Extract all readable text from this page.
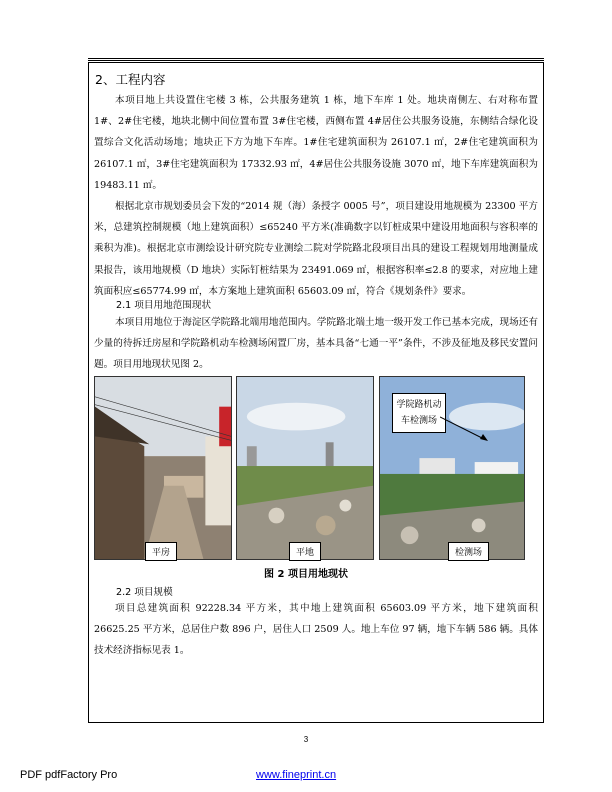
2、工程内容

本项目地上共设置住宅楼 3 栋，公共服务建筑 1 栋，地下车库 1 处。地块南侧左、右对称布置 1#、2#住宅楼，地块北侧中间位置布置 3#住宅楼，西侧布置 4#居住公共服务设施，东侧结合绿化设置综合文化活动场地；地块正下方为地下车库。1#住宅建筑面积为 26107.1 ㎡，2#住宅建筑面积为 26107.1 ㎡，3#住宅建筑面积为 17332.93 ㎡，4#居住公共服务设施 3070 ㎡，地下车库建筑面积为 19483.11 ㎡。

根据北京市规划委员会下发的“2014 规（海）条授字 0005 号”，项目建设用地规模为 23300 平方米，总建筑控制规模（地上建筑面积）≤65240 平方米(准确数字以钉桩成果中建设用地面积与容积率的乘积为准)。根据北京市测绘设计研究院专业测绘二院对学院路北段项目出具的建设工程规划用地测量成果报告，该用地规模（D 地块）实际钉桩结果为 23491.069 ㎡，根据容积率≤2.8 的要求，对应地上建筑面积应≤65774.99 ㎡，本方案地上建筑面积 65603.09 ㎡，符合《规划条件》要求。

2.1 项目用地范围现状

本项目用地位于海淀区学院路北端用地范围内。学院路北端土地一级开发工作已基本完成，现场还有少量的待拆迁房屋和学院路机动车检测场闲置厂房，基本具备“七通一平”条件，不涉及征地及移民安置问题。项目用地现状见图 2。

平房	平地	检测场
学院路机动车检测场
图 2 项目用地现状
2.2 项目规模

项目总建筑面积 92228.34 平方米，其中地上建筑面积 65603.09 平方米，地下建筑面积 26625.25 平方米，总居住户数 896 户，居住人口 2509 人。地上车位 97 辆，地下车辆 586 辆。具体技术经济指标见表 1。

3
PDF pdfFactory Pro	www.fineprint.cn
